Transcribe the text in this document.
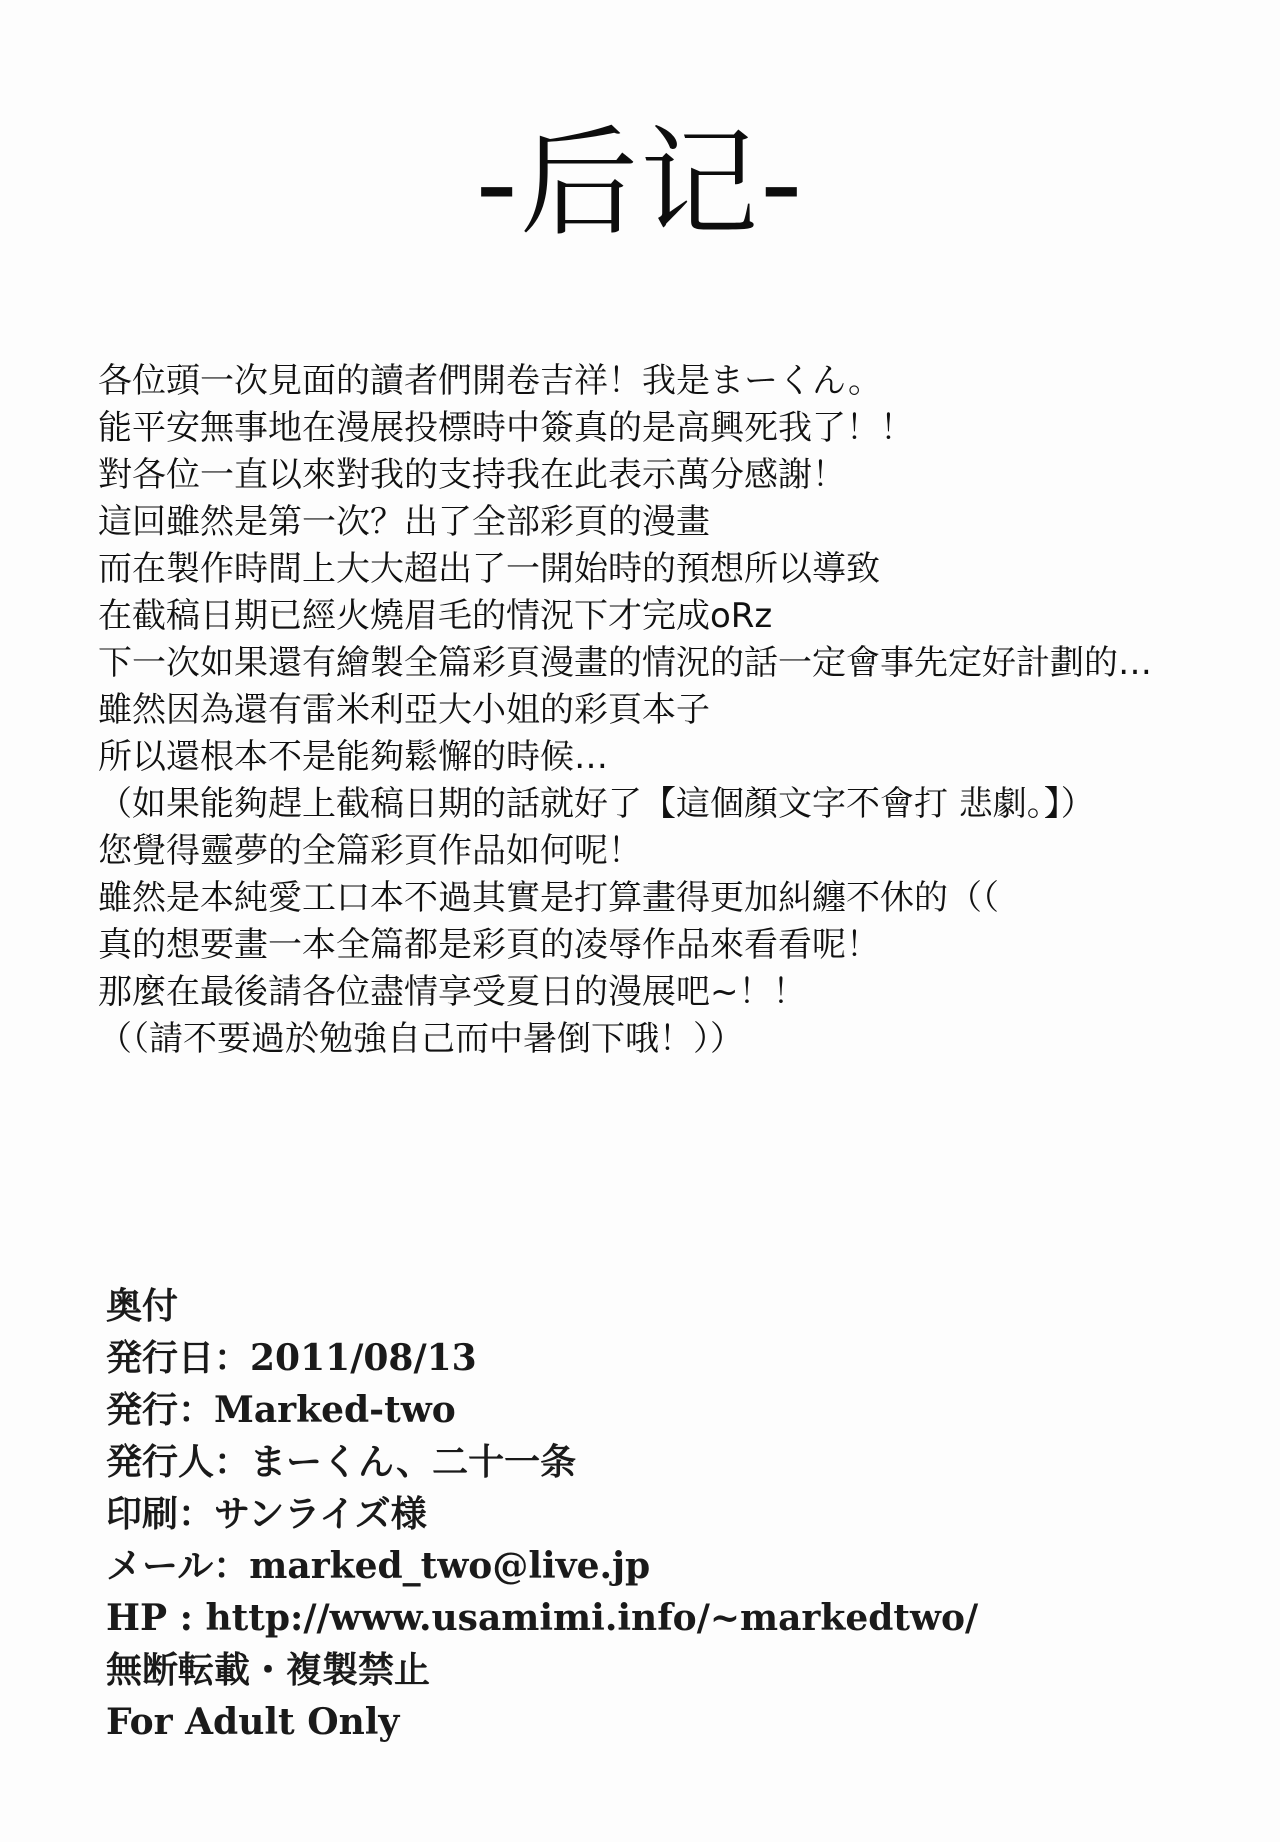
-后记-
各位頭一次見面的讀者們開卷吉祥！我是まーくん。
能平安無事地在漫展投標時中簽真的是高興死我了！！
對各位一直以來對我的支持我在此表示萬分感謝！
這回雖然是第一次？出了全部彩頁的漫畫
而在製作時間上大大超出了一開始時的預想所以導致
在截稿日期已經火燒眉毛的情況下才完成oRz
下一次如果還有繪製全篇彩頁漫畫的情況的話一定會事先定好計劃的…
雖然因為還有雷米利亞大小姐的彩頁本子
所以還根本不是能夠鬆懈的時候…
（如果能夠趕上截稿日期的話就好了【這個顏文字不會打 悲劇。】）
您覺得靈夢的全篇彩頁作品如何呢！
雖然是本純愛工口本不過其實是打算畫得更加糾纏不休的（（
真的想要畫一本全篇都是彩頁的凌辱作品來看看呢！
那麼在最後請各位盡情享受夏日的漫展吧~！！
（（請不要過於勉強自己而中暑倒下哦！））
奥付
発行日：2011/08/13
発行：Marked-two
発行人：まーくん、二十一条
印刷：サンライズ様
メール：marked_two@live.jp
HP : http://www.usamimi.info/~markedtwo/
無断転載・複製禁止
For Adult Only
